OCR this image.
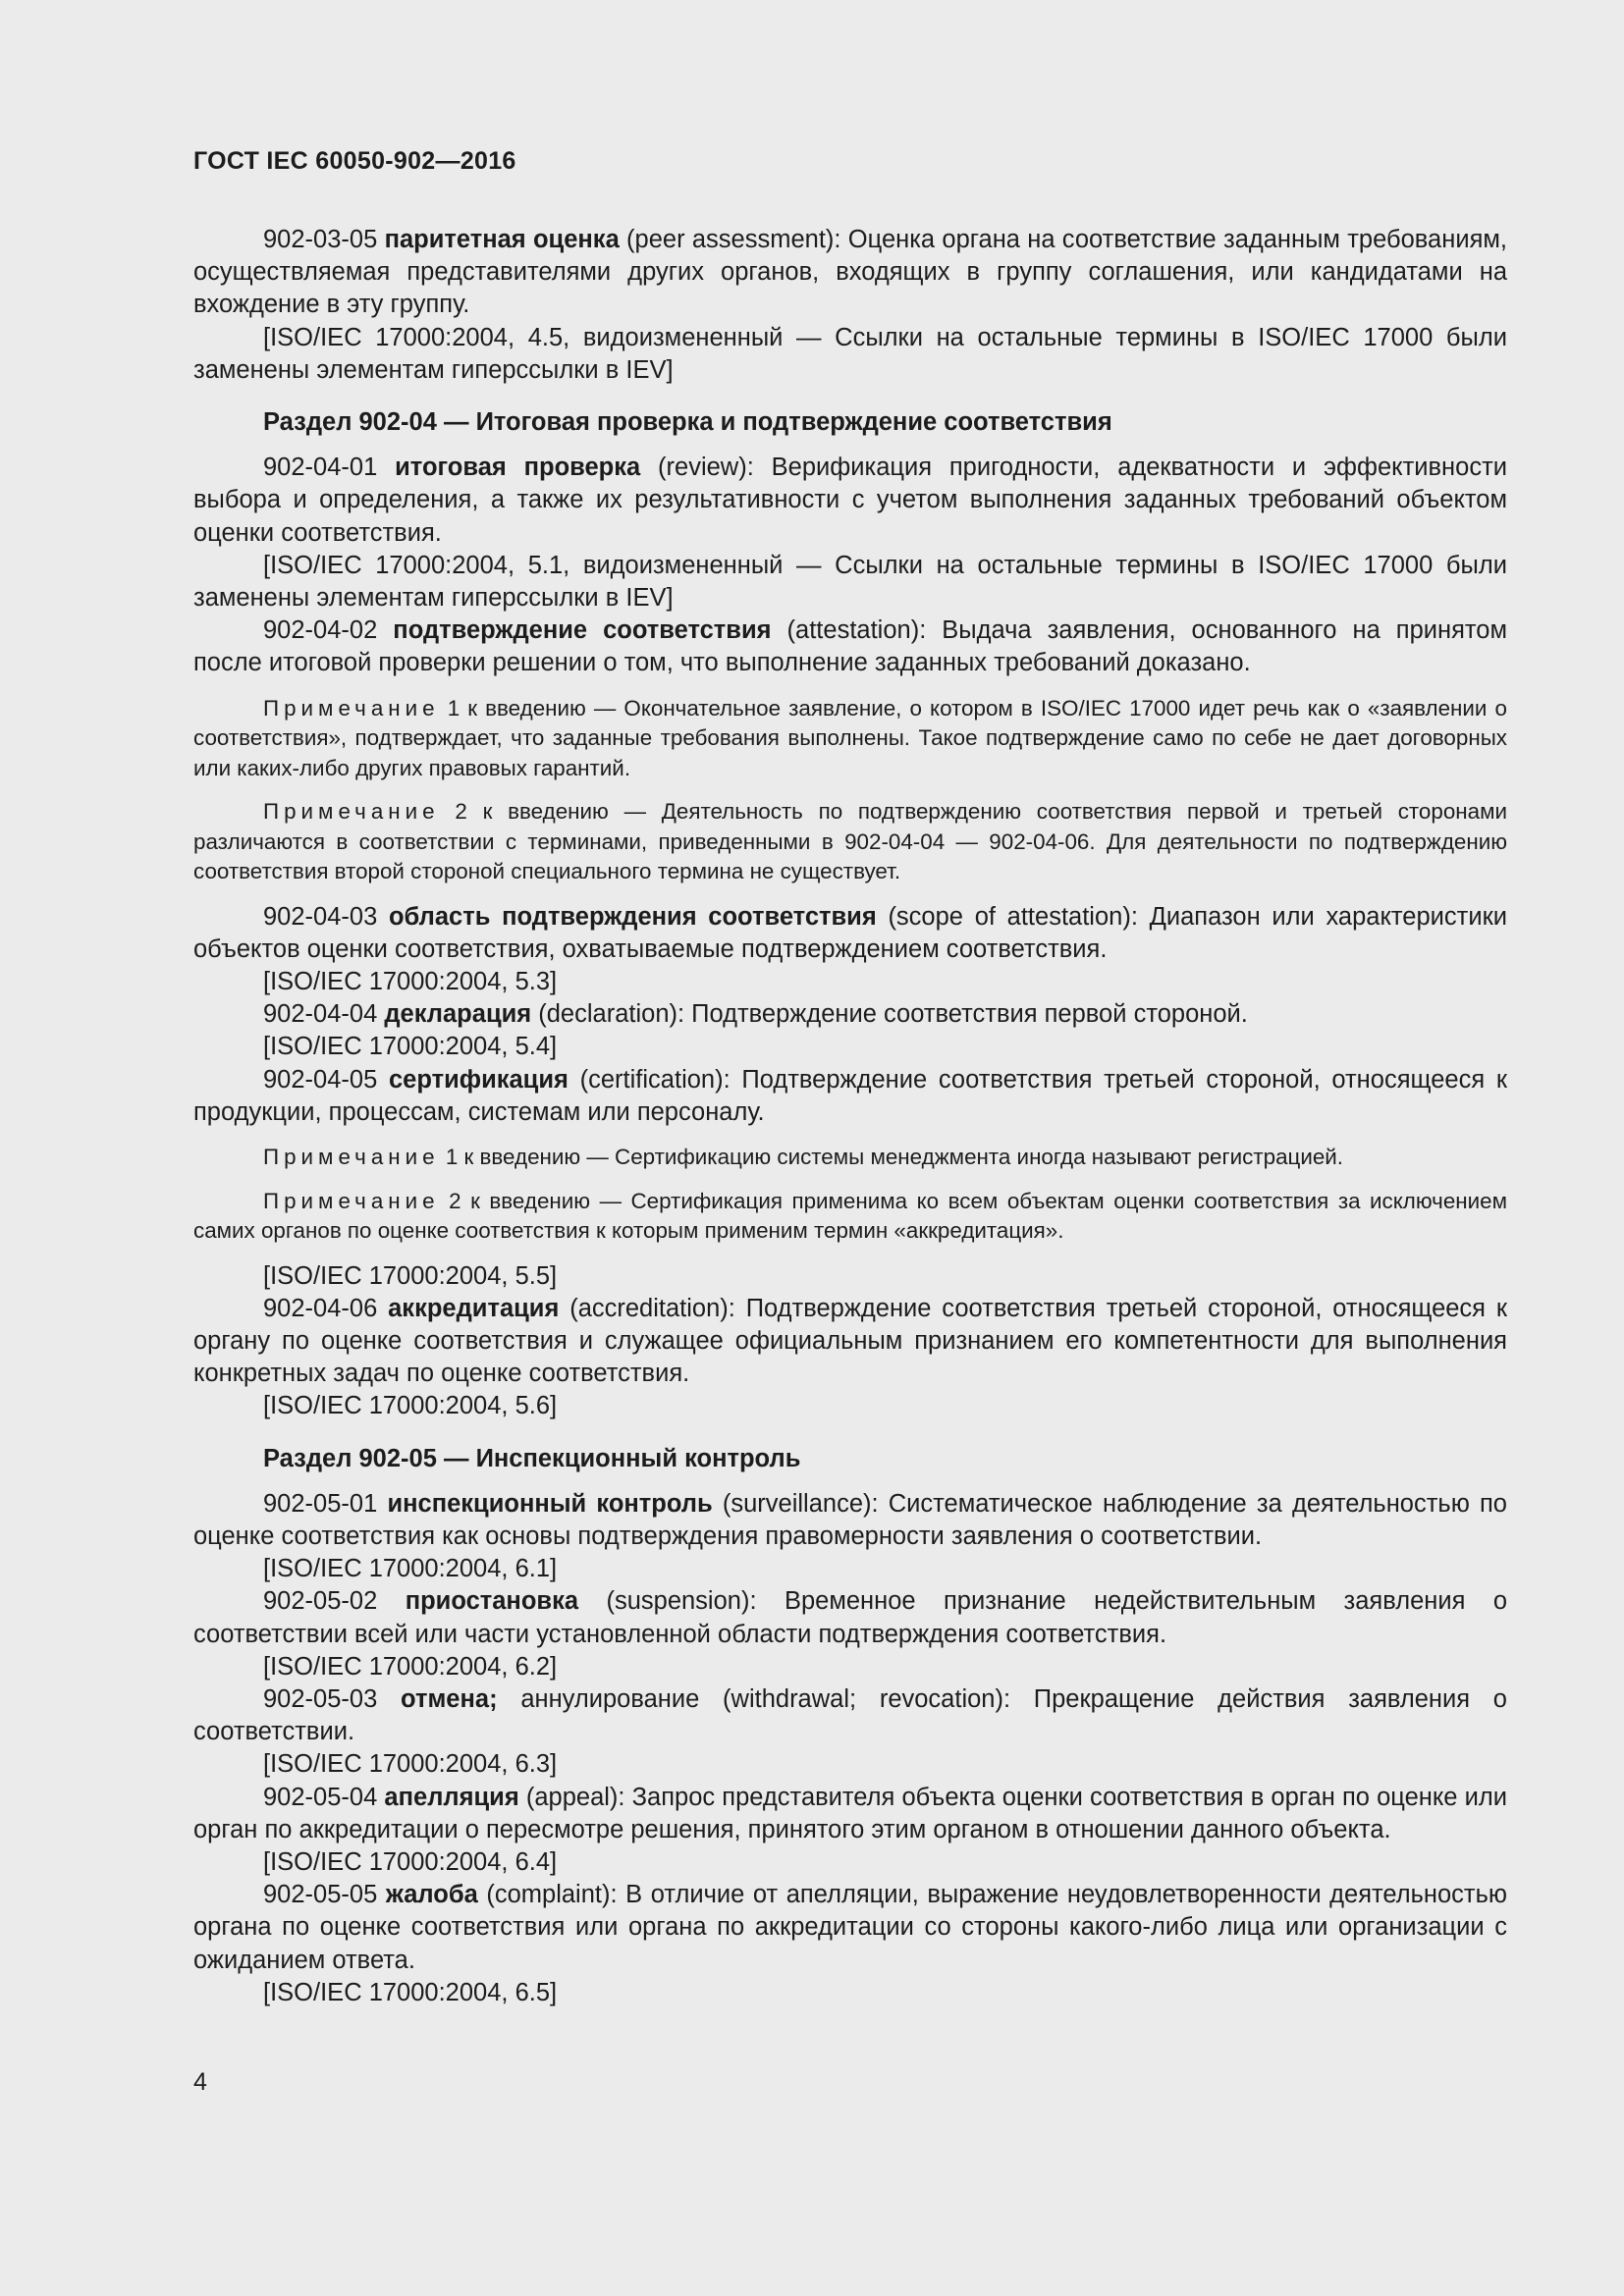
ГОСТ IEC 60050-902—2016

902-03-05 паритетная оценка (peer assessment): Оценка органа на соответствие заданным требованиям, осуществляемая представителями других органов, входящих в группу соглашения, или кандидатами на вхождение в эту группу.

[ISO/IEC 17000:2004, 4.5, видоизмененный — Ссылки на остальные термины в ISO/IEC 17000 были заменены элементам гиперссылки в IEV]

Раздел 902-04 — Итоговая проверка и подтверждение соответствия

902-04-01 итоговая проверка (review): Верификация пригодности, адекватности и эффективности выбора и определения, а также их результативности с учетом выполнения заданных требований объектом оценки соответствия.

[ISO/IEC 17000:2004, 5.1, видоизмененный — Ссылки на остальные термины в ISO/IEC 17000 были заменены элементам гиперссылки в IEV]

902-04-02 подтверждение соответствия (attestation): Выдача заявления, основанного на принятом после итоговой проверки решении о том, что выполнение заданных требований доказано.

Примечание 1 к введению — Окончательное заявление, о котором в ISO/IEC 17000 идет речь как о «заявлении о соответствия», подтверждает, что заданные требования выполнены. Такое подтверждение само по себе не дает договорных или каких-либо других правовых гарантий.

Примечание 2 к введению — Деятельность по подтверждению соответствия первой и третьей сторонами различаются в соответствии с терминами, приведенными в 902-04-04 — 902-04-06. Для деятельности по подтверждению соответствия второй стороной специального термина не существует.

902-04-03 область подтверждения соответствия (scope of attestation): Диапазон или характеристики объектов оценки соответствия, охватываемые подтверждением соответствия.

[ISO/IEC 17000:2004, 5.3]

902-04-04 декларация (declaration): Подтверждение соответствия первой стороной.

[ISO/IEC 17000:2004, 5.4]

902-04-05 сертификация (certification): Подтверждение соответствия третьей стороной, относящееся к продукции, процессам, системам или персоналу.

Примечание 1 к введению — Сертификацию системы менеджмента иногда называют регистрацией.

Примечание 2 к введению — Сертификация применима ко всем объектам оценки соответствия за исключением самих органов по оценке соответствия к которым применим термин «аккредитация».

[ISO/IEC 17000:2004, 5.5]

902-04-06 аккредитация (accreditation): Подтверждение соответствия третьей стороной, относящееся к органу по оценке соответствия и служащее официальным признанием его компетентности для выполнения конкретных задач по оценке соответствия.

[ISO/IEC 17000:2004, 5.6]

Раздел 902-05 — Инспекционный контроль

902-05-01 инспекционный контроль (surveillance): Систематическое наблюдение за деятельностью по оценке соответствия как основы подтверждения правомерности заявления о соответствии.

[ISO/IEC 17000:2004, 6.1]

902-05-02 приостановка (suspension): Временное признание недействительным заявления о соответствии всей или части установленной области подтверждения соответствия.

[ISO/IEC 17000:2004, 6.2]

902-05-03 отмена; аннулирование (withdrawal; revocation): Прекращение действия заявления о соответствии.

[ISO/IEC 17000:2004, 6.3]

902-05-04 апелляция (appeal): Запрос представителя объекта оценки соответствия в орган по оценке или орган по аккредитации о пересмотре решения, принятого этим органом в отношении данного объекта.

[ISO/IEC 17000:2004, 6.4]

902-05-05 жалоба (complaint): В отличие от апелляции, выражение неудовлетворенности деятельностью органа по оценке соответствия или органа по аккредитации со стороны какого-либо лица или организации с ожиданием ответа.

[ISO/IEC 17000:2004, 6.5]

4
